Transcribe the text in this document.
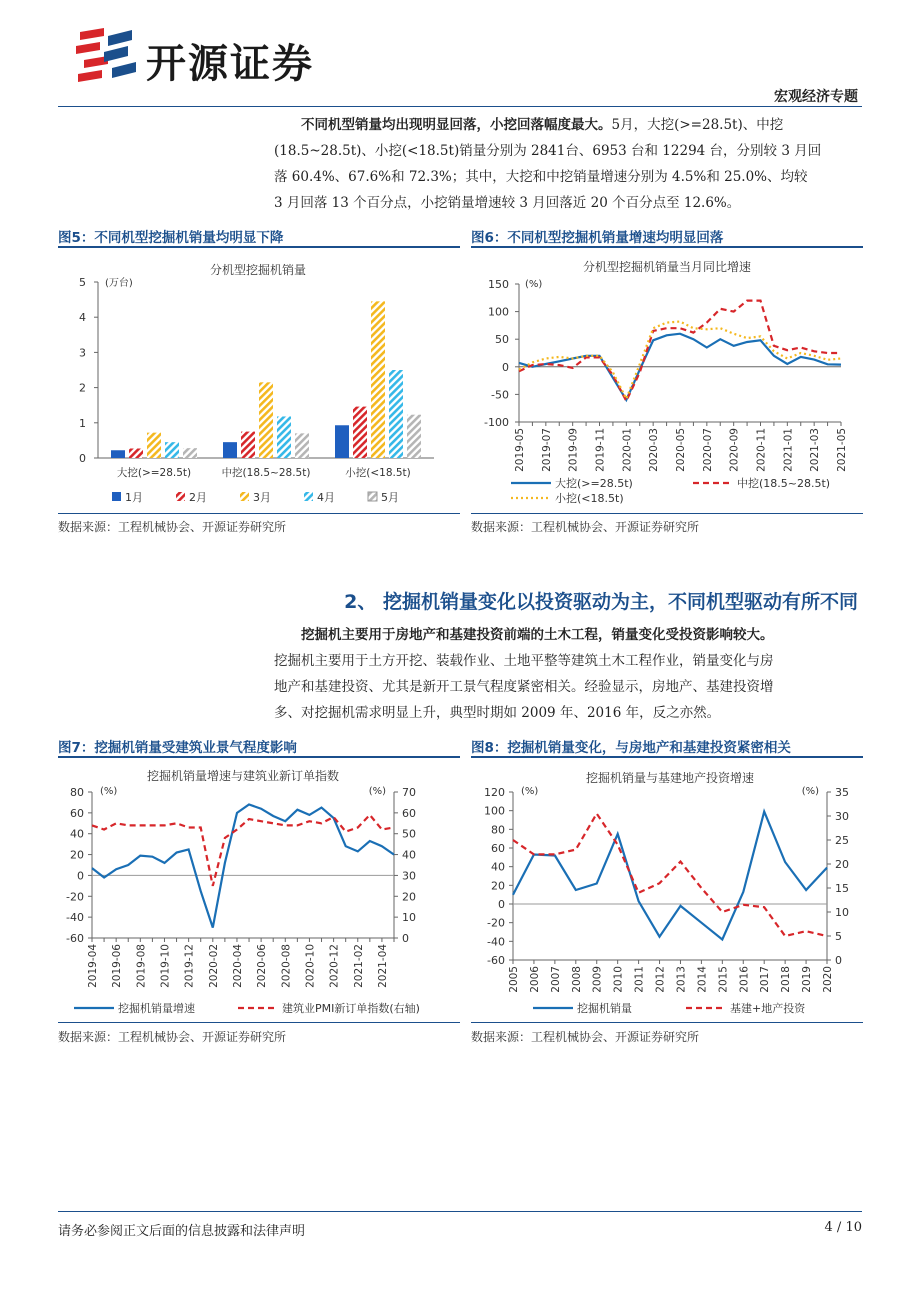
开源证券
宏观经济专题
不同机型销量均出现明显回落，小挖回落幅度最大。5月，大挖(>=28.5t)、中挖
(18.5~28.5t)、小挖(<18.5t)销量分别为 2841台、6953 台和 12294 台，分别较 3 月回
落 60.4%、67.6%和 72.3%；其中，大挖和中挖销量增速分别为 4.5%和 25.0%、均较
3 月回落 13 个百分点，小挖销量增速较 3 月回落近 20 个百分点至 12.6%。
图5：不同机型挖掘机销量均明显下降	图6：不同机型挖掘机销量增速均明显回落
分机型挖掘机销量
(万台)
0
1
2
3
4
5
大挖(>=28.5t)	中挖(18.5~28.5t)	小挖(<18.5t)
1月	2月	3月	4月	5月
分机型挖掘机销量当月同比增速
(%)
-100
-50
0
50
100
150
2019-05 2019-07 2019-09 2019-11 2020-01 2020-03 2020-05 2020-07 2020-09 2020-11 2021-01 2021-03 2021-05
大挖(>=28.5t)	中挖(18.5~28.5t)
小挖(<18.5t)
数据来源：工程机械协会、开源证券研究所	数据来源：工程机械协会、开源证券研究所
2、 挖掘机销量变化以投资驱动为主，不同机型驱动有所不同
挖掘机主要用于房地产和基建投资前端的土木工程，销量变化受投资影响较大。
挖掘机主要用于土方开挖、装载作业、土地平整等建筑土木工程作业，销量变化与房
地产和基建投资、尤其是新开工景气程度紧密相关。经验显示，房地产、基建投资增
多、对挖掘机需求明显上升，典型时期如 2009 年、2016 年，反之亦然。
图7：挖掘机销量受建筑业景气程度影响	图8：挖掘机销量变化，与房地产和基建投资紧密相关
挖掘机销量增速与建筑业新订单指数
(%)	(%)
-60
-40
-20
0
20
40
60
80
0
10
20
30
40
50
60
70
2019-04 2019-06 2019-08 2019-10 2019-12 2020-02 2020-04 2020-06 2020-08 2020-10 2020-12 2021-02 2021-04
挖掘机销量增速	建筑业PMI新订单指数(右轴)
挖掘机销量与基建地产投资增速
(%)	(%)
-60
-40
-20
0
20
40
60
80
100
120
0
5
10
15
20
25
30
35
2005 2006 2007 2008 2009 2010 2011 2012 2013 2014 2015 2016 2017 2018 2019 2020
挖掘机销量	基建+地产投资
数据来源：工程机械协会、开源证券研究所	数据来源：工程机械协会、开源证券研究所
请务必参阅正文后面的信息披露和法律声明	4 / 10
